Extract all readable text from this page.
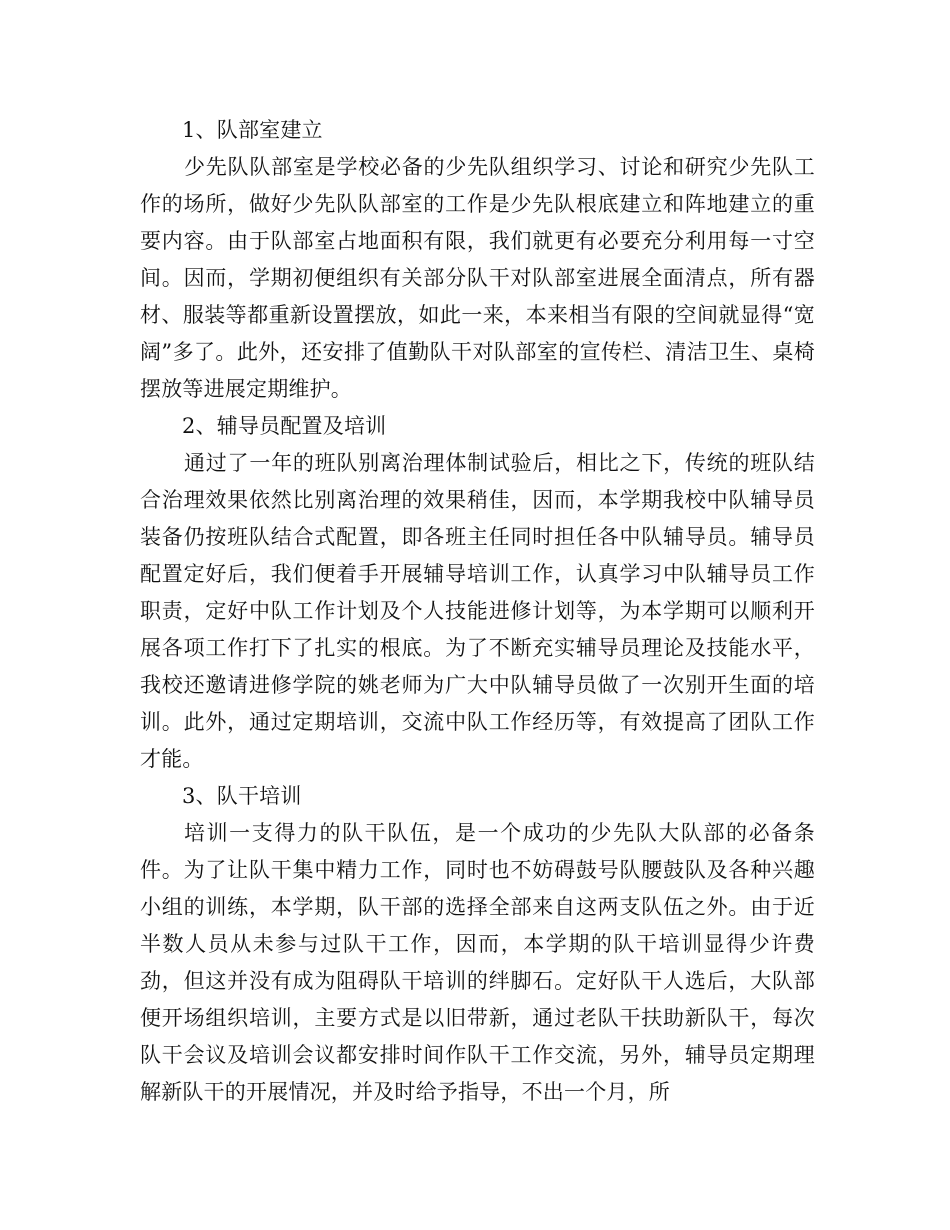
1、队部室建立

少先队队部室是学校必备的少先队组织学习、讨论和研究少先队工作的场所，做好少先队队部室的工作是少先队根底建立和阵地建立的重要内容。由于队部室占地面积有限，我们就更有必要充分利用每一寸空间。因而，学期初便组织有关部分队干对队部室进展全面清点，所有器材、服装等都重新设置摆放，如此一来，本来相当有限的空间就显得“宽阔”多了。此外，还安排了值勤队干对队部室的宣传栏、清洁卫生、桌椅摆放等进展定期维护。

2、辅导员配置及培训

通过了一年的班队别离治理体制试验后，相比之下，传统的班队结合治理效果依然比别离治理的效果稍佳，因而，本学期我校中队辅导员装备仍按班队结合式配置，即各班主任同时担任各中队辅导员。辅导员配置定好后，我们便着手开展辅导培训工作，认真学习中队辅导员工作职责，定好中队工作计划及个人技能进修计划等，为本学期可以顺利开展各项工作打下了扎实的根底。为了不断充实辅导员理论及技能水平，我校还邀请进修学院的姚老师为广大中队辅导员做了一次别开生面的培训。此外，通过定期培训，交流中队工作经历等，有效提高了团队工作才能。

3、队干培训

培训一支得力的队干队伍，是一个成功的少先队大队部的必备条件。为了让队干集中精力工作，同时也不妨碍鼓号队腰鼓队及各种兴趣小组的训练，本学期，队干部的选择全部来自这两支队伍之外。由于近半数人员从未参与过队干工作，因而，本学期的队干培训显得少许费劲，但这并没有成为阻碍队干培训的绊脚石。定好队干人选后，大队部便开场组织培训，主要方式是以旧带新，通过老队干扶助新队干，每次队干会议及培训会议都安排时间作队干工作交流，另外，辅导员定期理解新队干的开展情况，并及时给予指导，不出一个月，所
